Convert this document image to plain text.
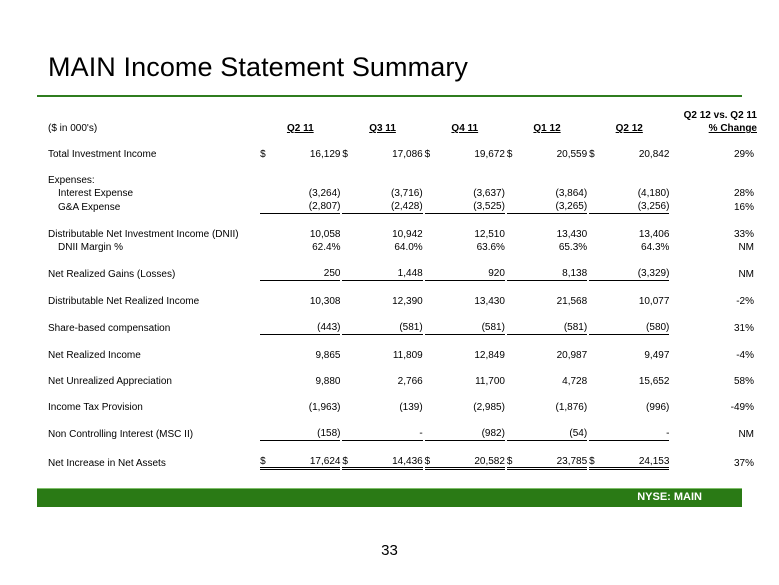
MAIN Income Statement Summary
															Q2 12 vs. Q2 11
($ in 000's)	Q2 11			Q3 11			Q4 11			Q1 12			Q2 12		% Change

Total Investment Income	$	16,129		$	17,086		$	19,672		$	20,559		$	20,842	29%

Expenses:															
Interest Expense		(3,264)			(3,716)			(3,637)			(3,864)			(4,180)	28%
G&A Expense		(2,807)			(2,428)			(3,525)			(3,265)			(3,256)	16%

Distributable Net Investment Income (DNII)		10,058			10,942			12,510			13,430			13,406	33%
DNII Margin %		62.4%			64.0%			63.6%			65.3%			64.3%	NM

Net Realized Gains (Losses)		250			1,448			920			8,138			(3,329)	NM

Distributable Net Realized Income		10,308			12,390			13,430			21,568			10,077	-2%

Share-based compensation		(443)			(581)			(581)			(581)			(580)	31%

Net Realized Income		9,865			11,809			12,849			20,987			9,497	-4%

Net Unrealized Appreciation		9,880			2,766			11,700			4,728			15,652	58%

Income Tax Provision		(1,963)			(139)			(2,985)			(1,876)			(996)	-49%

Non Controlling Interest (MSC II)		(158)			-			(982)			(54)			-	NM

Net Increase in Net Assets	$	17,624		$	14,436		$	20,582		$	23,785		$	24,153	37%
NYSE: MAIN
33
